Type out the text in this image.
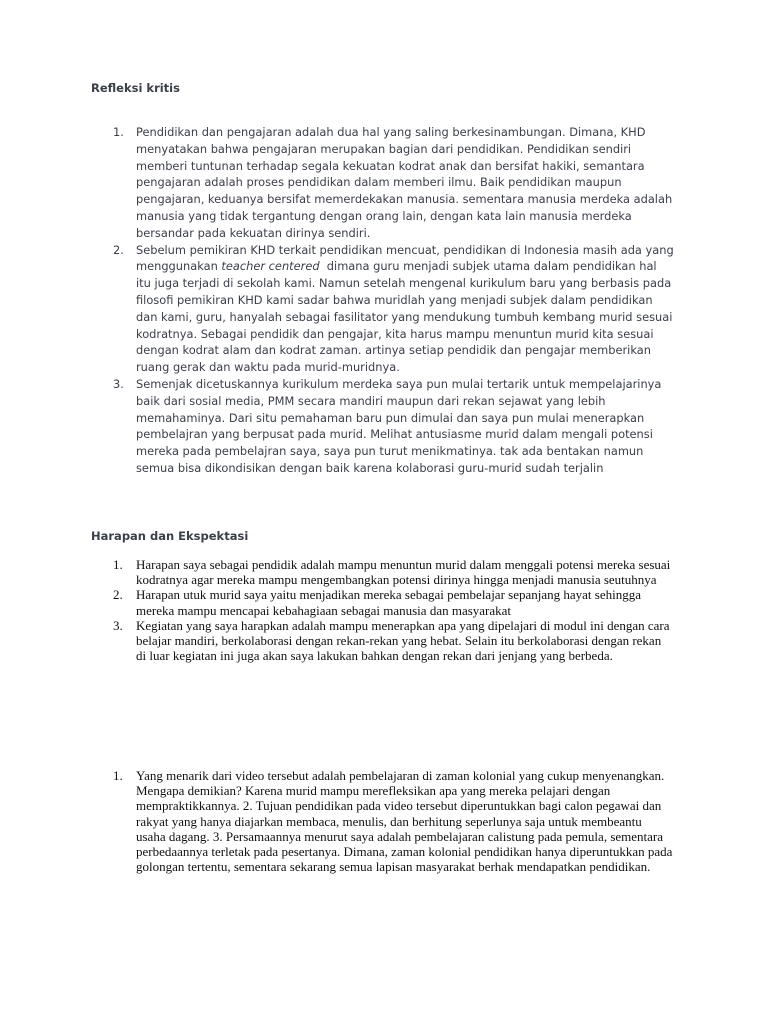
Refleksi kritis
1. Pendidikan dan pengajaran adalah dua hal yang saling berkesinambungan. Dimana, KHD menyatakan bahwa pengajaran merupakan bagian dari pendidikan. Pendidikan sendiri memberi tuntunan terhadap segala kekuatan kodrat anak dan bersifat hakiki, semantara pengajaran adalah proses pendidikan dalam memberi ilmu. Baik pendidikan maupun pengajaran, keduanya bersifat memerdekakan manusia. sementara manusia merdeka adalah manusia yang tidak tergantung dengan orang lain, dengan kata lain manusia merdeka bersandar pada kekuatan dirinya sendiri.
2. Sebelum pemikiran KHD terkait pendidikan mencuat, pendidikan di Indonesia masih ada yang menggunakan teacher centered  dimana guru menjadi subjek utama dalam pendidikan hal itu juga terjadi di sekolah kami. Namun setelah mengenal kurikulum baru yang berbasis pada filosofi pemikiran KHD kami sadar bahwa muridlah yang menjadi subjek dalam pendidikan dan kami, guru, hanyalah sebagai fasilitator yang mendukung tumbuh kembang murid sesuai kodratnya. Sebagai pendidik dan pengajar, kita harus mampu menuntun murid kita sesuai dengan kodrat alam dan kodrat zaman. artinya setiap pendidik dan pengajar memberikan ruang gerak dan waktu pada murid-muridnya.
3. Semenjak dicetuskannya kurikulum merdeka saya pun mulai tertarik untuk mempelajarinya baik dari sosial media, PMM secara mandiri maupun dari rekan sejawat yang lebih memahaminya. Dari situ pemahaman baru pun dimulai dan saya pun mulai menerapkan pembelajran yang berpusat pada murid. Melihat antusiasme murid dalam mengali potensi mereka pada pembelajran saya, saya pun turut menikmatinya. tak ada bentakan namun semua bisa dikondisikan dengan baik karena kolaborasi guru-murid sudah terjalin
Harapan dan Ekspektasi
1. Harapan saya sebagai pendidik adalah mampu menuntun murid dalam menggali potensi mereka sesuai kodratnya agar mereka mampu mengembangkan potensi dirinya hingga menjadi manusia seutuhnya
2. Harapan utuk murid saya yaitu menjadikan mereka sebagai pembelajar sepanjang hayat sehingga mereka mampu mencapai kebahagiaan sebagai manusia dan masyarakat
3. Kegiatan yang saya harapkan adalah mampu menerapkan apa yang dipelajari di modul ini dengan cara belajar mandiri, berkolaborasi dengan rekan-rekan yang hebat. Selain itu berkolaborasi dengan rekan di luar kegiatan ini juga akan saya lakukan bahkan dengan rekan dari jenjang yang berbeda.
1. Yang menarik dari video tersebut adalah pembelajaran di zaman kolonial yang cukup menyenangkan. Mengapa demikian? Karena murid mampu merefleksikan apa yang mereka pelajari dengan mempraktikkannya. 2. Tujuan pendidikan pada video tersebut diperuntukkan bagi calon pegawai dan rakyat yang hanya diajarkan membaca, menulis, dan berhitung seperlunya saja untuk membeantu usaha dagang. 3. Persamaannya menurut saya adalah pembelajaran calistung pada pemula, sementara perbedaannya terletak pada pesertanya. Dimana, zaman kolonial pendidikan hanya diperuntukkan pada golongan tertentu, sementara sekarang semua lapisan masyarakat berhak mendapatkan pendidikan.
